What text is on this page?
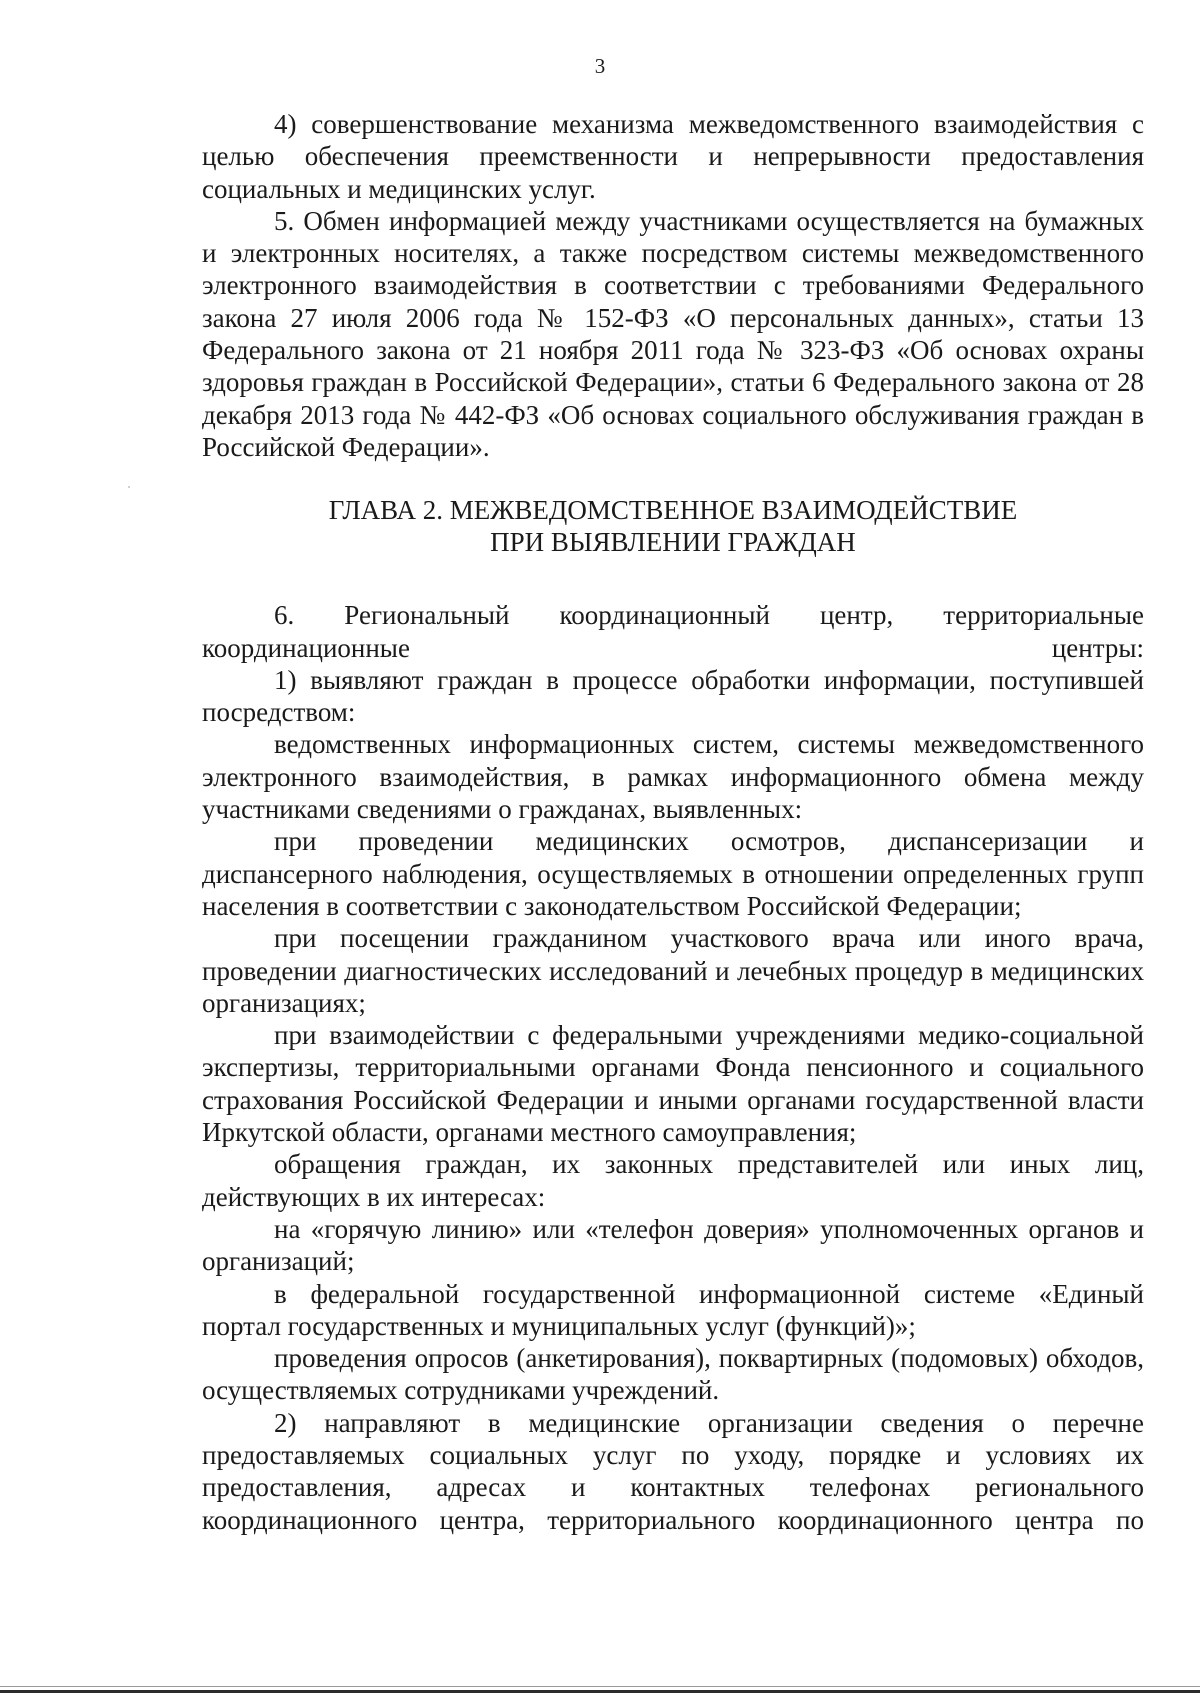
3

4) совершенствование механизма межведомственного взаимодействия с целью обеспечения преемственности и непрерывности предоставления социальных и медицинских услуг.

5. Обмен информацией между участниками осуществляется на бумажных и электронных носителях, а также посредством системы межведомственного электронного взаимодействия в соответствии с требованиями Федерального закона 27 июля 2006 года № 152-ФЗ «О персональных данных», статьи 13 Федерального закона от 21 ноября 2011 года № 323-ФЗ «Об основах охраны здоровья граждан в Российской Федерации», статьи 6 Федерального закона от 28 декабря 2013 года № 442-ФЗ «Об основах социального обслуживания граждан в Российской Федерации».

ГЛАВА 2. МЕЖВЕДОМСТВЕННОЕ ВЗАИМОДЕЙСТВИЕ
ПРИ ВЫЯВЛЕНИИ ГРАЖДАН

6. Региональный координационный центр, территориальные координационные центры:

1) выявляют граждан в процессе обработки информации, поступившей посредством:

ведомственных информационных систем, системы межведомственного электронного взаимодействия, в рамках информационного обмена между участниками сведениями о гражданах, выявленных:

при проведении медицинских осмотров, диспансеризации и диспансерного наблюдения, осуществляемых в отношении определенных групп населения в соответствии с законодательством Российской Федерации;

при посещении гражданином участкового врача или иного врача, проведении диагностических исследований и лечебных процедур в медицинских организациях;

при взаимодействии с федеральными учреждениями медико-социальной экспертизы, территориальными органами Фонда пенсионного и социального страхования Российской Федерации и иными органами государственной власти Иркутской области, органами местного самоуправления;

обращения граждан, их законных представителей или иных лиц, действующих в их интересах:

на «горячую линию» или «телефон доверия» уполномоченных органов и организаций;

в федеральной государственной информационной системе «Единый портал государственных и муниципальных услуг (функций)»;

проведения опросов (анкетирования), поквартирных (подомовых) обходов, осуществляемых сотрудниками учреждений.

2) направляют в медицинские организации сведения о перечне предоставляемых социальных услуг по уходу, порядке и условиях их предоставления, адресах и контактных телефонах регионального координационного центра, территориального координационного центра по
